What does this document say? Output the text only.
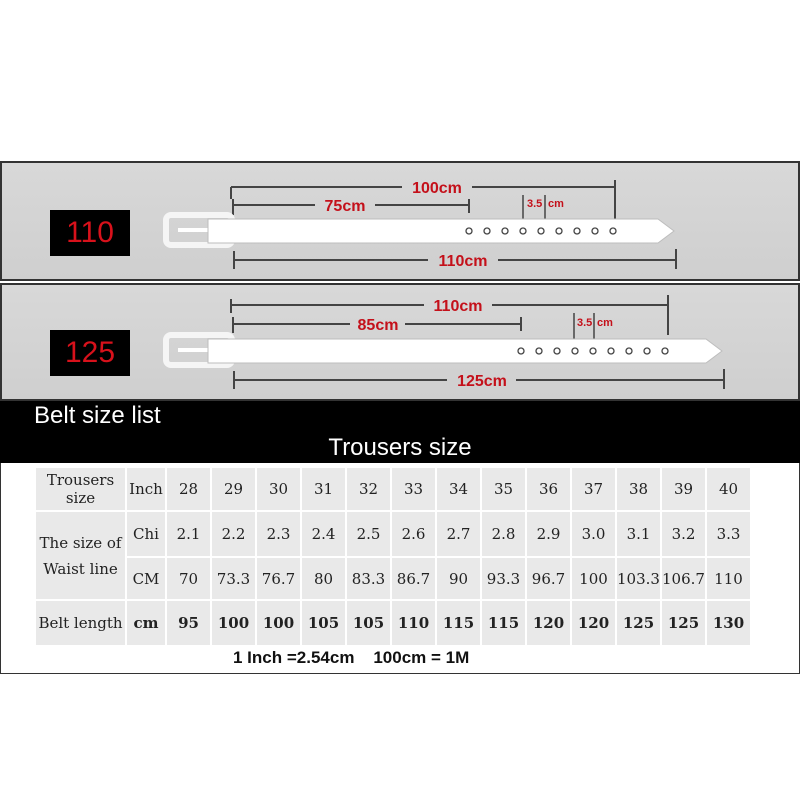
110
100cm
75cm	3.5 cm
110cm
110cm
85cm	3.5 cm
125cm
125
Belt size list
Trousers size
Trousers size	Inch	28	29	30	31	32	33	34	35	36	37	38	39	40
The size of
Waist line	Chi	2.1	2.2	2.3	2.4	2.5	2.6	2.7	2.8	2.9	3.0	3.1	3.2	3.3
	CM	70	73.3	76.7	80	83.3	86.7	90	93.3	96.7	100	103.3	106.7	110
Belt length	cm	95	100	100	105	105	110	115	115	120	120	125	125	130
1 Inch =2.54cm    100cm = 1M
